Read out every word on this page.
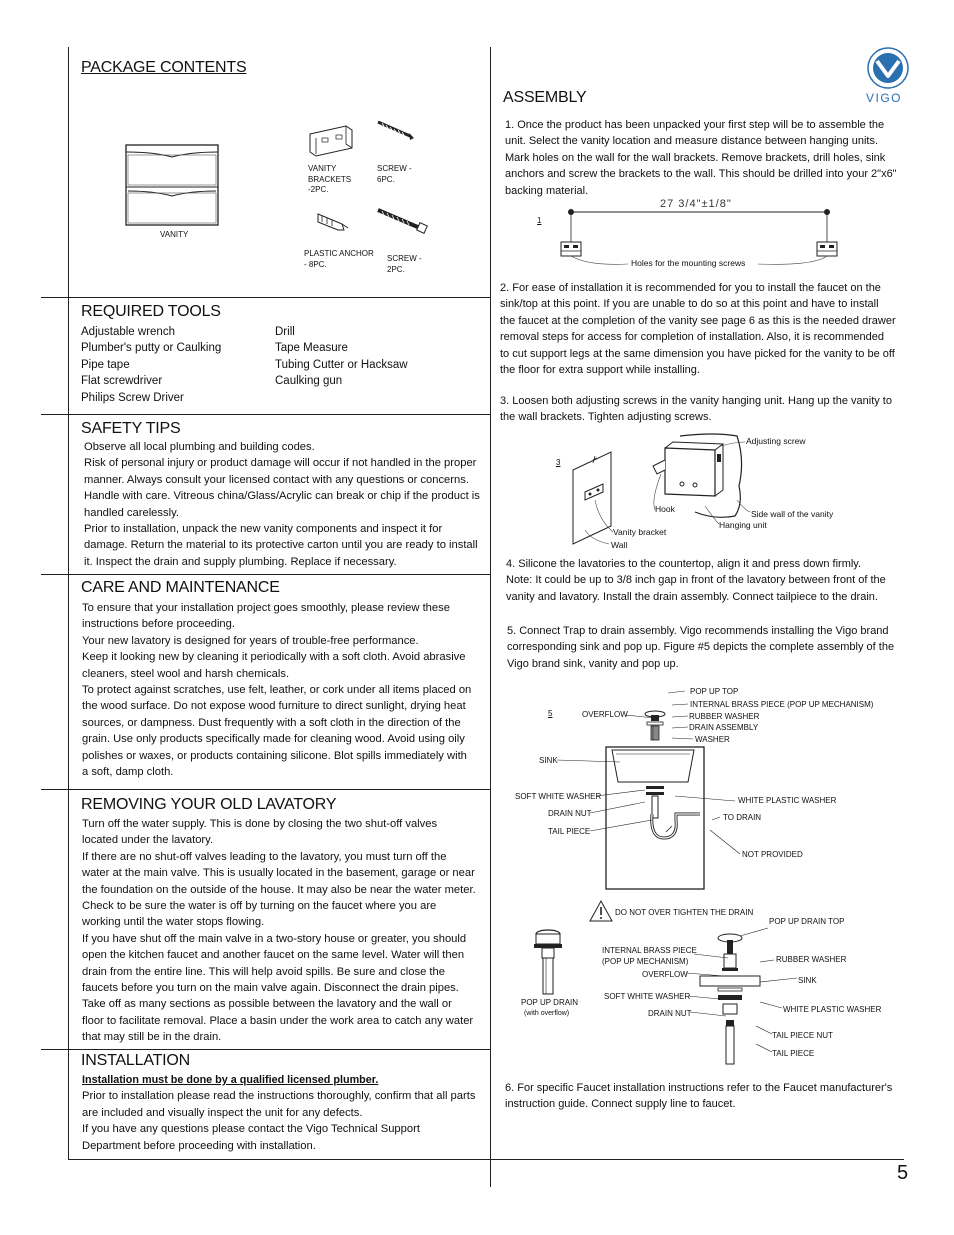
VIGO
PACKAGE CONTENTS
VANITY
VANITY
BRACKETS
-2PC.
SCREW -
6PC.
PLASTIC ANCHOR
- 8PC.
SCREW -
2PC.
REQUIRED TOOLS
Adjustable wrench
Plumber's putty or Caulking
Pipe tape
Flat screwdriver
Philips Screw Driver
Drill
Tape Measure
Tubing Cutter or Hacksaw
Caulking gun
SAFETY TIPS

Observe all local plumbing and building codes.

Risk of personal injury or product damage will occur if not handled in the proper

manner. Always consult your licensed contact with any questions or concerns.

Handle with care. Vitreous china/Glass/Acrylic can break or chip if the product is

handled carelessly.

Prior to installation, unpack the new vanity components and inspect it for

damage. Return the material to its protective carton until you are ready to install

it. Inspect the drain and supply plumbing. Replace if necessary.

CARE AND MAINTENANCE

To ensure that your installation project goes smoothly, please review these

instructions before proceeding.

Your new lavatory is designed for years of trouble-free performance.

Keep it looking new by cleaning it periodically with a soft cloth. Avoid abrasive

cleaners, steel wool and harsh chemicals.

To protect against scratches, use felt, leather, or cork under all items placed on

the wood surface. Do not expose wood furniture to direct sunlight, drying heat

sources, or dampness. Dust frequently with a soft cloth in the direction of the

grain. Use only products specifically made for cleaning wood. Avoid using oily

polishes or waxes, or products containing silicone. Blot spills immediately with

a soft, damp cloth.

REMOVING YOUR OLD LAVATORY

Turn off the water supply. This is done by closing the two shut-off valves

located under the lavatory.

If there are no shut-off valves leading to the lavatory, you must turn off the

water at the main valve. This is usually located in the basement, garage or near

the foundation on the outside of the house. It may also be near the water meter.

Check to be sure the water is off by turning on the faucet where you are

working until the water stops flowing.

If you have shut off the main valve in a two-story house or greater, you should

open the kitchen faucet and another faucet on the same level. Water will then

drain from the entire line. This will help avoid spills. Be sure and close the

faucets before you turn on the main valve again. Disconnect the drain pipes.

Take off as many sections as possible between the lavatory and the wall or

floor to facilitate removal. Place a basin under the work area to catch any water

that may still be in the drain.

INSTALLATION

Installation must be done by a qualified licensed plumber.

Prior to installation please read the instructions thoroughly, confirm that all parts

are included and visually inspect the unit for any defects.

If you have any questions please contact the Vigo Technical Support

Department before proceeding with installation.

ASSEMBLY

1. Once the product has been unpacked your first step will be to assemble the

unit. Select the vanity location and measure distance between hanging units.

Mark holes on the wall for the wall brackets. Remove brackets, drill holes, sink

anchors and screw the brackets to the wall. This should be drilled into your 2"x6"

backing material.

1
27 3/4"±1/8"
Holes for the mounting screws

2. For ease of installation it is recommended for you to install the faucet on the

sink/top at this point. If you are unable to do so at this point and have to install

the faucet at the completion of the vanity see page 6 as this is the needed drawer

removal steps for access for completion of installation. Also, it is recommended

to cut support legs at the same dimension you have picked for the vanity to be off

the floor for extra support while installing.

3. Loosen both adjusting screws in the vanity hanging unit. Hang up the vanity to

the wall brackets. Tighten adjusting screws.

3
Adjusting screw
Hook	Side wall of the vanity
Hanging unit
Vanity bracket
Wall

4. Silicone the lavatories to the countertop, align it and press down firmly.

Note: It could be up to 3/8 inch gap in front of the lavatory between front of the

vanity and lavatory. Install the drain assembly. Connect tailpiece to the drain.

5. Connect Trap to drain assembly. Vigo recommends installing the Vigo brand

corresponding sink and pop up. Figure #5 depicts the complete assembly of the

Vigo brand sink, vanity and pop up.

5
POP UP TOP
INTERNAL BRASS PIECE (POP UP MECHANISM)
RUBBER WASHER
DRAIN ASSEMBLY
WASHER
OVERFLOW
SINK
SOFT WHITE WASHER
DRAIN NUT
TAIL PIECE
WHITE PLASTIC WASHER
TO DRAIN
NOT PROVIDED
DO NOT OVER TIGHTEN THE DRAIN
POP UP DRAIN
(with overflow)
POP UP DRAIN TOP
INTERNAL BRASS PIECE
(POP UP MECHANISM)	RUBBER WASHER
OVERFLOW
SINK
SOFT WHITE WASHER
WHITE PLASTIC WASHER
DRAIN NUT
TAIL PIECE NUT
TAIL PIECE

6. For specific Faucet installation instructions refer to the Faucet manufacturer's

instruction guide. Connect supply line to faucet.

5
